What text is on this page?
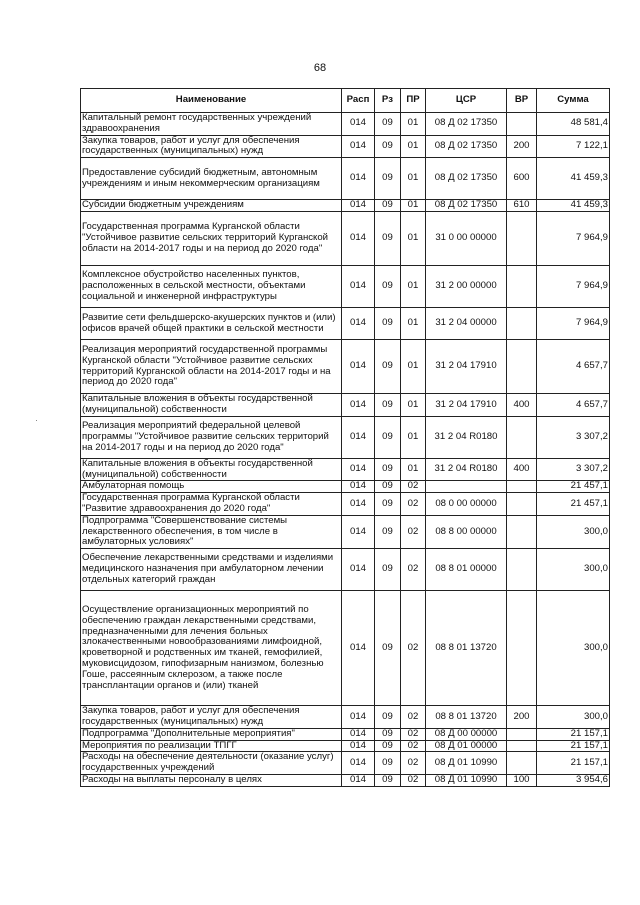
68
Наименование	Расп	Рз	ПР	ЦСР	ВР	Сумма
Капитальный ремонт государственных учреждений здравоохранения	014	09	01	08 Д 02 17350		48 581,4
Закупка товаров, работ и услуг для обеспечения государственных (муниципальных) нужд	014	09	01	08 Д 02 17350	200	7 122,1
Предоставление субсидий бюджетным, автономным учреждениям и иным некоммерческим организациям	014	09	01	08 Д 02 17350	600	41 459,3
Субсидии бюджетным учреждениям	014	09	01	08 Д 02 17350	610	41 459,3
Государственная программа Курганской области "Устойчивое развитие сельских территорий Курганской области на 2014-2017 годы и на период до 2020 года"	014	09	01	31 0 00 00000		7 964,9
Комплексное обустройство населенных пунктов, расположенных в сельской местности, объектами социальной и инженерной инфраструктуры	014	09	01	31 2 00 00000		7 964,9
Развитие сети фельдшерско-акушерских пунктов и (или) офисов врачей общей практики в сельской местности	014	09	01	31 2 04 00000		7 964,9
Реализация мероприятий государственной программы Курганской области "Устойчивое развитие сельских территорий Курганской области на 2014-2017 годы и на период до 2020 года"	014	09	01	31 2 04 17910		4 657,7
Капитальные вложения в объекты государственной (муниципальной) собственности	014	09	01	31 2 04 17910	400	4 657,7
Реализация мероприятий федеральной целевой программы "Устойчивое развитие сельских территорий на 2014-2017 годы и на период до 2020 года"	014	09	01	31 2 04 R0180		3 307,2
Капитальные вложения в объекты государственной (муниципальной) собственности	014	09	01	31 2 04 R0180	400	3 307,2
Амбулаторная помощь	014	09	02			21 457,1
Государственная программа Курганской области "Развитие здравоохранения до 2020 года"	014	09	02	08 0 00 00000		21 457,1
Подпрограмма "Совершенствование системы лекарственного обеспечения, в том числе в амбулаторных условиях"	014	09	02	08 8 00 00000		300,0
Обеспечение лекарственными средствами и изделиями медицинского назначения при амбулаторном лечении отдельных категорий граждан	014	09	02	08 8 01 00000		300,0
Осуществление организационных мероприятий по обеспечению граждан лекарственными средствами, предназначенными для лечения больных злокачественными новообразованиями лимфоидной, кроветворной и родственных им тканей, гемофилией, муковисцидозом, гипофизарным нанизмом, болезнью Гоше, рассеянным склерозом, а также после трансплантации органов и (или) тканей	014	09	02	08 8 01 13720		300,0
Закупка товаров, работ и услуг для обеспечения государственных (муниципальных) нужд	014	09	02	08 8 01 13720	200	300,0
Подпрограмма "Дополнительные мероприятия"	014	09	02	08 Д 00 00000		21 157,1
Мероприятия по реализации ТПГГ	014	09	02	08 Д 01 00000		21 157,1
Расходы на обеспечение деятельности (оказание услуг) государственных учреждений	014	09	02	08 Д 01 10990		21 157,1
Расходы на выплаты персоналу в целях	014	09	02	08 Д 01 10990	100	3 954,6
